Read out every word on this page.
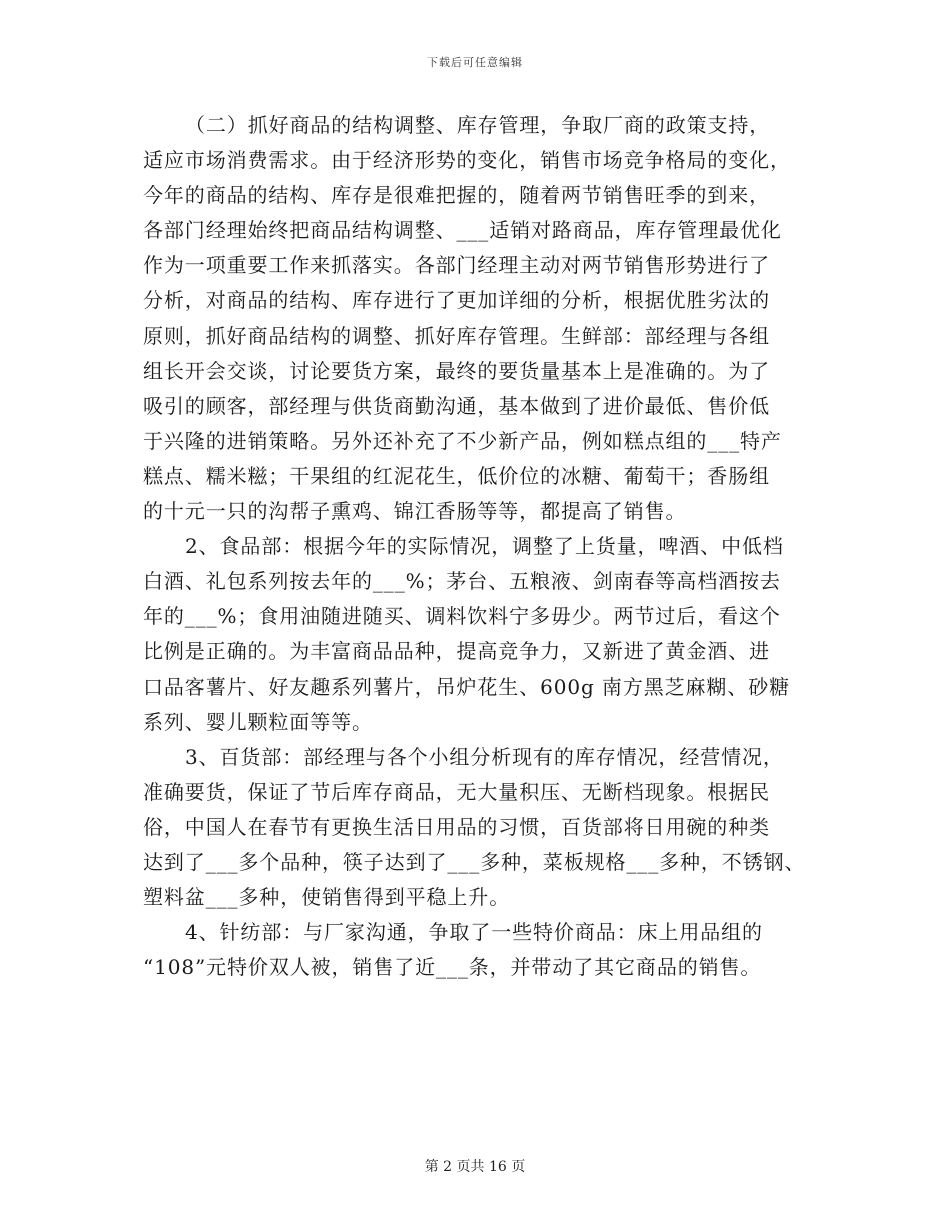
下载后可任意编辑
（二）抓好商品的结构调整、库存管理，争取厂商的政策支持，
适应市场消费需求。由于经济形势的变化，销售市场竞争格局的变化，
今年的商品的结构、库存是很难把握的，随着两节销售旺季的到来，
各部门经理始终把商品结构调整、___适销对路商品，库存管理最优化
作为一项重要工作来抓落实。各部门经理主动对两节销售形势进行了
分析，对商品的结构、库存进行了更加详细的分析，根据优胜劣汰的
原则，抓好商品结构的调整、抓好库存管理。生鲜部：部经理与各组
组长开会交谈，讨论要货方案，最终的要货量基本上是准确的。为了
吸引的顾客，部经理与供货商勤沟通，基本做到了进价最低、售价低
于兴隆的进销策略。另外还补充了不少新产品，例如糕点组的___特产
糕点、糯米糍；干果组的红泥花生，低价位的冰糖、葡萄干；香肠组
的十元一只的沟帮子熏鸡、锦江香肠等等，都提高了销售。
2、食品部：根据今年的实际情况，调整了上货量，啤酒、中低档
白酒、礼包系列按去年的___%；茅台、五粮液、剑南春等高档酒按去
年的___%；食用油随进随买、调料饮料宁多毋少。两节过后，看这个
比例是正确的。为丰富商品品种，提高竞争力，又新进了黄金酒、进
口品客薯片、好友趣系列薯片，吊炉花生、600g 南方黑芝麻糊、砂糖
系列、婴儿颗粒面等等。
3、百货部：部经理与各个小组分析现有的库存情况，经营情况，
准确要货，保证了节后库存商品，无大量积压、无断档现象。根据民
俗，中国人在春节有更换生活日用品的习惯，百货部将日用碗的种类
达到了___多个品种，筷子达到了___多种，菜板规格___多种，不锈钢、
塑料盆___多种，使销售得到平稳上升。
4、针纺部：与厂家沟通，争取了一些特价商品：床上用品组的
“108”元特价双人被，销售了近___条，并带动了其它商品的销售。
第 2 页共 16 页
